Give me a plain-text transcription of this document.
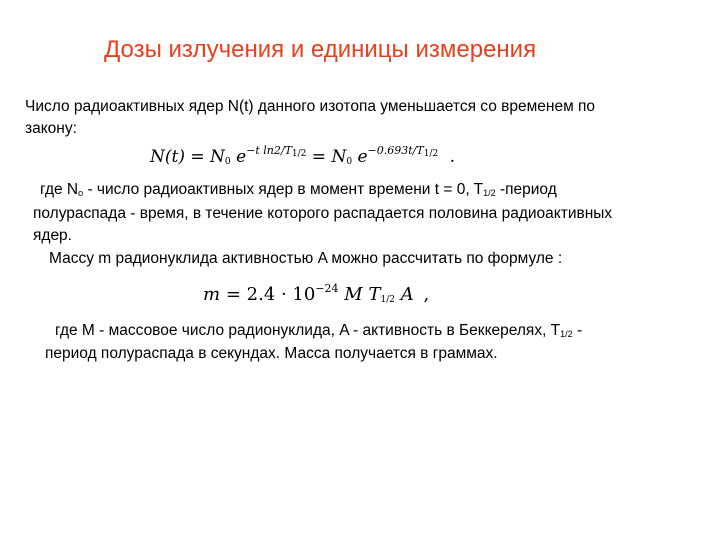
Дозы излучения и единицы измерения
Число радиоактивных ядер N(t) данного изотопа уменьшается со временем по
закону:
$N(t) = N_0$ $e^{-t ln2/T_{1/2}} = N_0$ $e^{-0.693t/T_{1/2}}$ .
где $N_o$ - число радиоактивных ядер в момент времени t = 0, $T_{1/2}$ -период
полураспада - время, в течение которого распадается половина радиоактивных
ядер.
Массу m радионуклида активностью A можно рассчитать по формуле :
$m = 2.4 \cdot 10^{-24}$ M $T_{1/2}$ A ,
где M - массовое число радионуклида, A - активность в Беккерелях, $T_{1/2}$ -
период полураспада в секундах. Масса получается в граммах.
